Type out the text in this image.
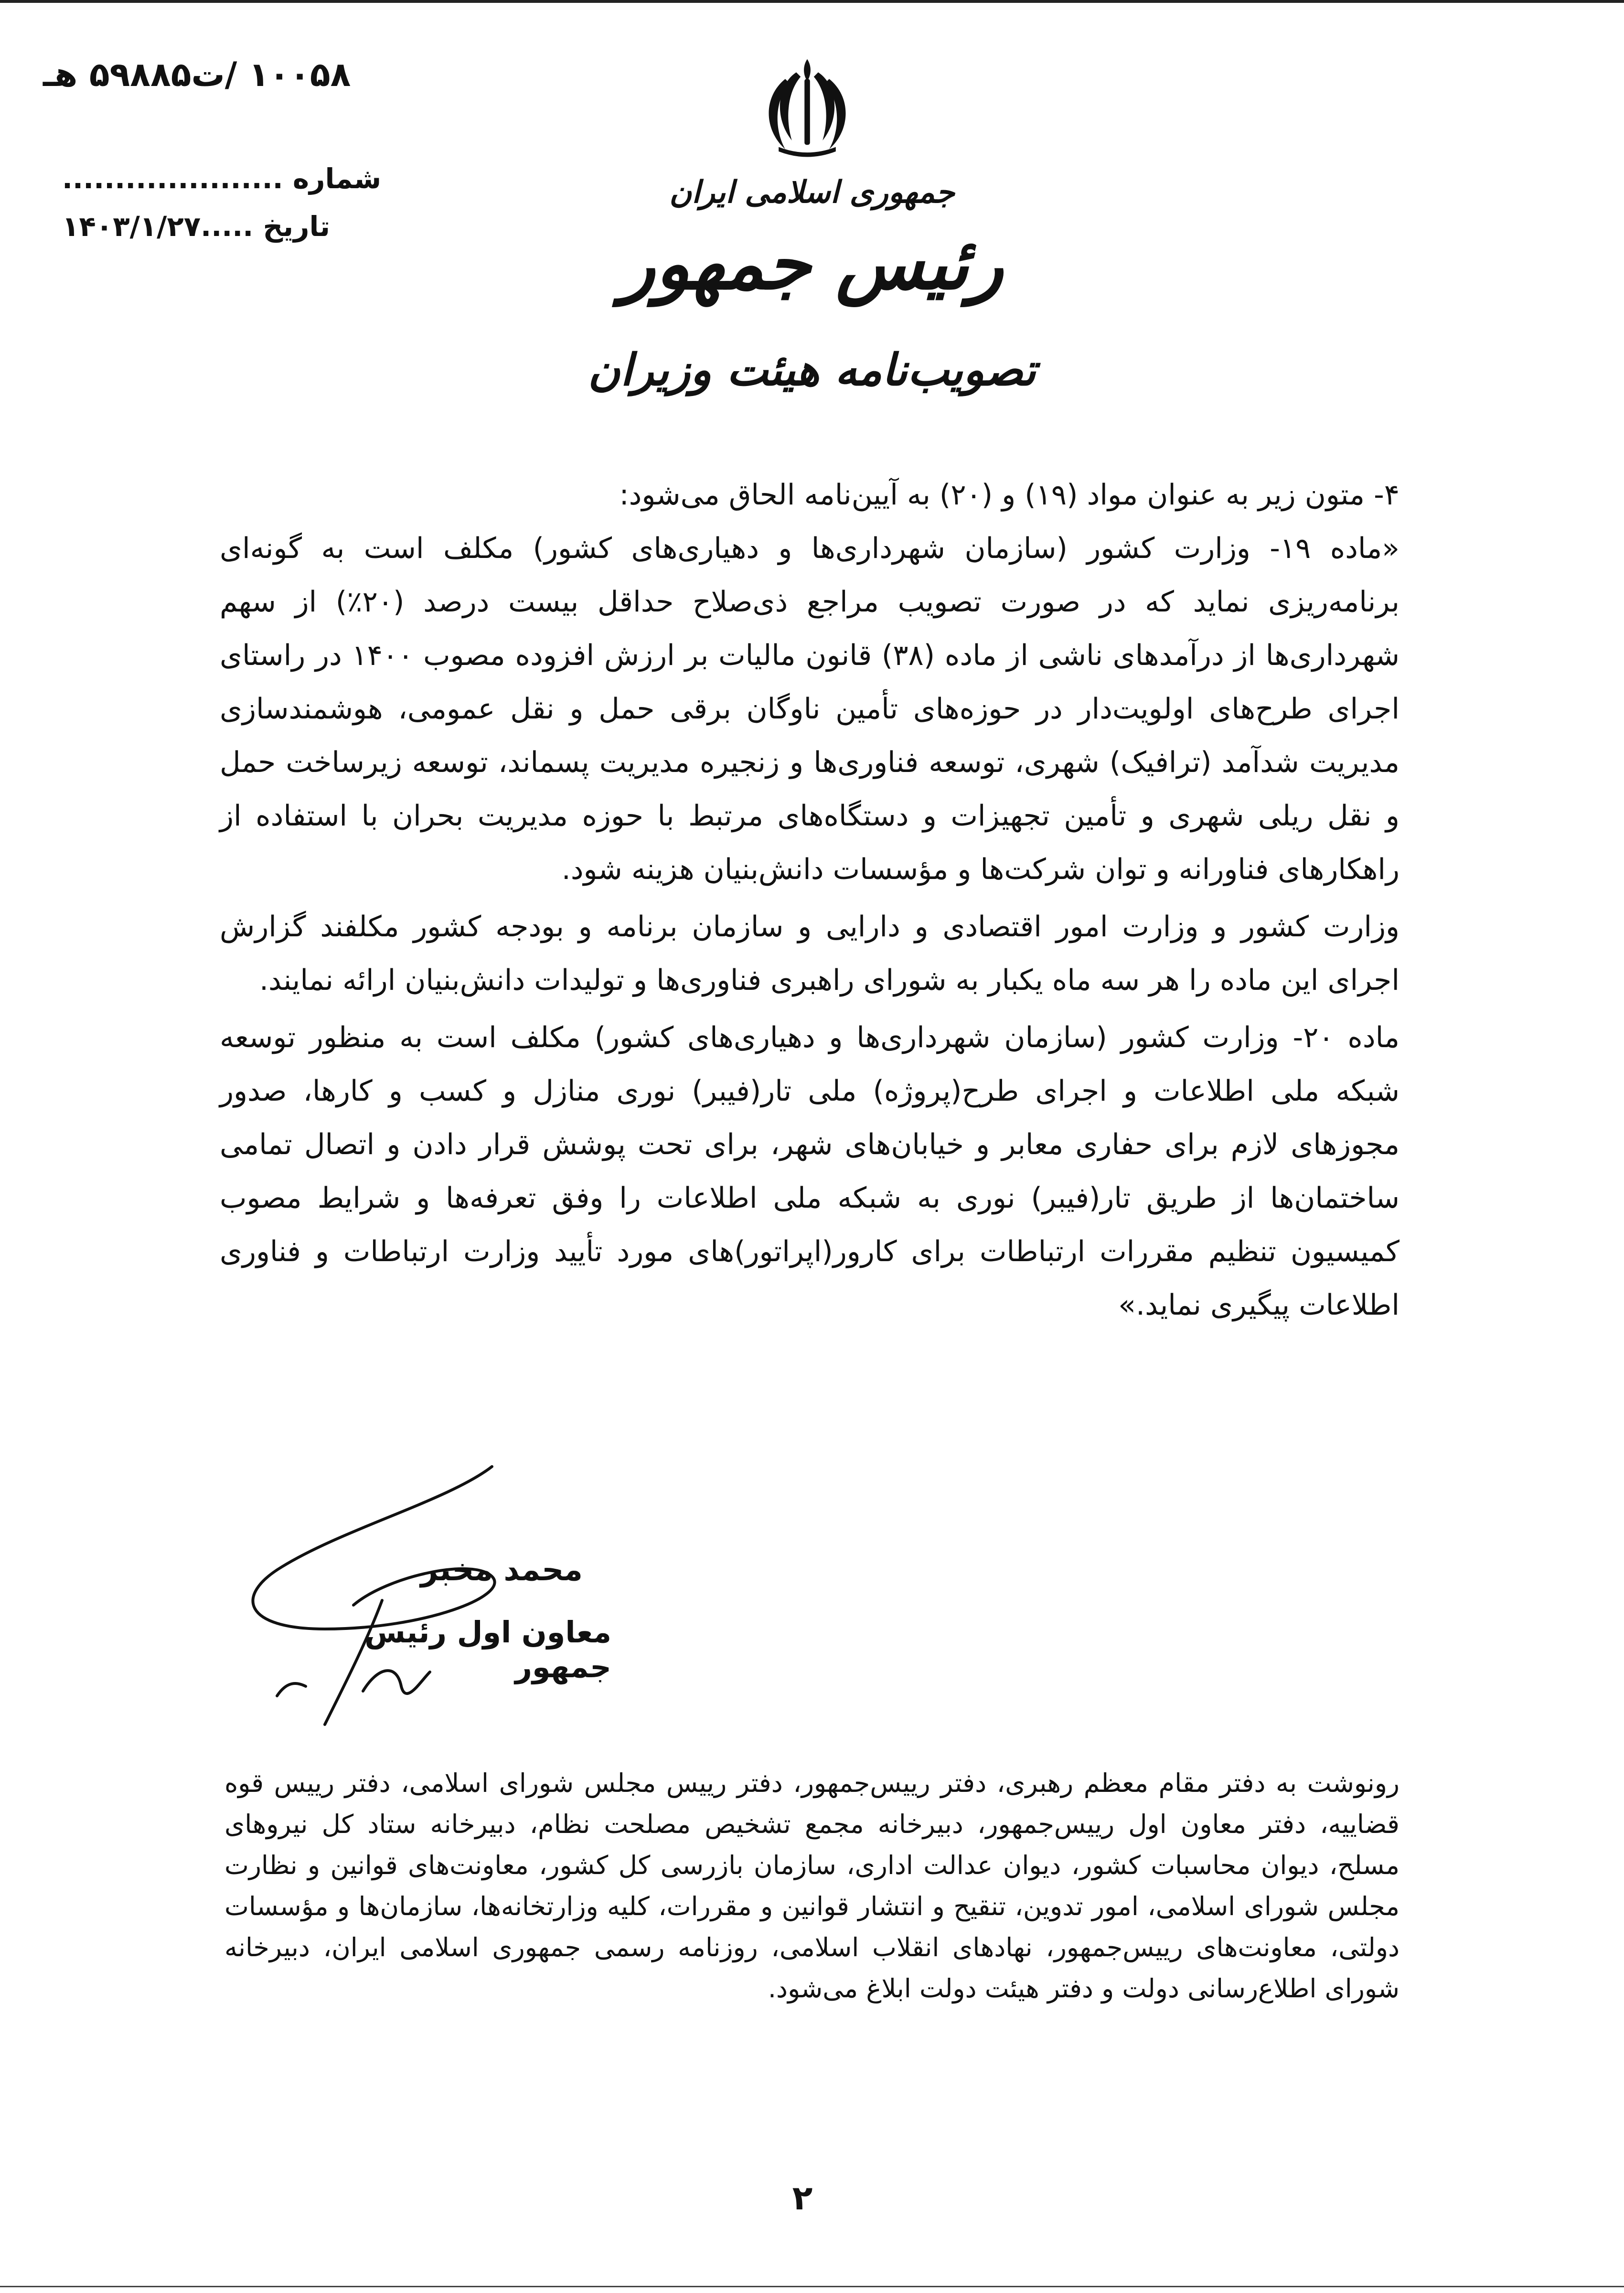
۱۰۰۵۸ /ت۵۹۸۸۵ هـ
شماره .....................
تاریخ .....۱۴۰۳/۱/۲۷
جمهوری اسلامی ایران
رئیس جمهور
تصویب‌نامه هیئت وزیران

۴- متون زیر به عنوان مواد (۱۹) و (۲۰) به آیین‌نامه الحاق می‌شود:

«ماده ۱۹- وزارت کشور (سازمان شهرداری‌ها و دهیاری‌های کشور) مکلف است به گونه‌ای برنامه‌ریزی نماید که در صورت تصویب مراجع ذی‌صلاح حداقل بیست درصد (۲۰٪) از سهم شهرداری‌ها از درآمدهای ناشی از ماده (۳۸) قانون مالیات بر ارزش افزوده مصوب ۱۴۰۰ در راستای اجرای طرح‌های اولویت‌دار در حوزه‌های تأمین ناوگان برقی حمل و نقل عمومی، هوشمندسازی مدیریت شدآمد (ترافیک) شهری، توسعه فناوری‌ها و زنجیره مدیریت پسماند، توسعه زیرساخت حمل و نقل ریلی شهری و تأمین تجهیزات و دستگاه‌های مرتبط با حوزه مدیریت بحران با استفاده از راهکارهای فناورانه و توان شرکت‌ها و مؤسسات دانش‌بنیان هزینه شود.

وزارت کشور و وزارت امور اقتصادی و دارایی و سازمان برنامه و بودجه کشور مکلفند گزارش اجرای این ماده را هر سه ماه یکبار به شورای راهبری فناوری‌ها و تولیدات دانش‌بنیان ارائه نمایند.

ماده ۲۰- وزارت کشور (سازمان شهرداری‌ها و دهیاری‌های کشور) مکلف است به منظور توسعه شبکه ملی اطلاعات و اجرای طرح(پروژه) ملی تار(فیبر) نوری منازل و کسب و کارها، صدور مجوزهای لازم برای حفاری معابر و خیابان‌های شهر، برای تحت پوشش قرار دادن و اتصال تمامی ساختمان‌ها از طریق تار(فیبر) نوری به شبکه ملی اطلاعات را وفق تعرفه‌ها و شرایط مصوب کمیسیون تنظیم مقررات ارتباطات برای کارور(اپراتور)های مورد تأیید وزارت ارتباطات و فناوری اطلاعات پیگیری نماید.»

محمد مخبر
معاون اول رئیس جمهور
رونوشت به دفتر مقام معظم رهبری، دفتر رییس‌جمهور، دفتر رییس مجلس شورای اسلامی، دفتر رییس قوه قضاییه، دفتر معاون اول رییس‌جمهور، دبیرخانه مجمع تشخیص مصلحت نظام، دبیرخانه ستاد کل نیروهای مسلح، دیوان محاسبات کشور، دیوان عدالت اداری، سازمان بازرسی کل کشور، معاونت‌های قوانین و نظارت مجلس شورای اسلامی، امور تدوین، تنقیح و انتشار قوانین و مقررات، کلیه وزارتخانه‌ها، سازمان‌ها و مؤسسات دولتی، معاونت‌های رییس‌جمهور، نهادهای انقلاب اسلامی، روزنامه رسمی جمهوری اسلامی ایران، دبیرخانه شورای اطلاع‌رسانی دولت و دفتر هیئت دولت ابلاغ می‌شود.
۲
